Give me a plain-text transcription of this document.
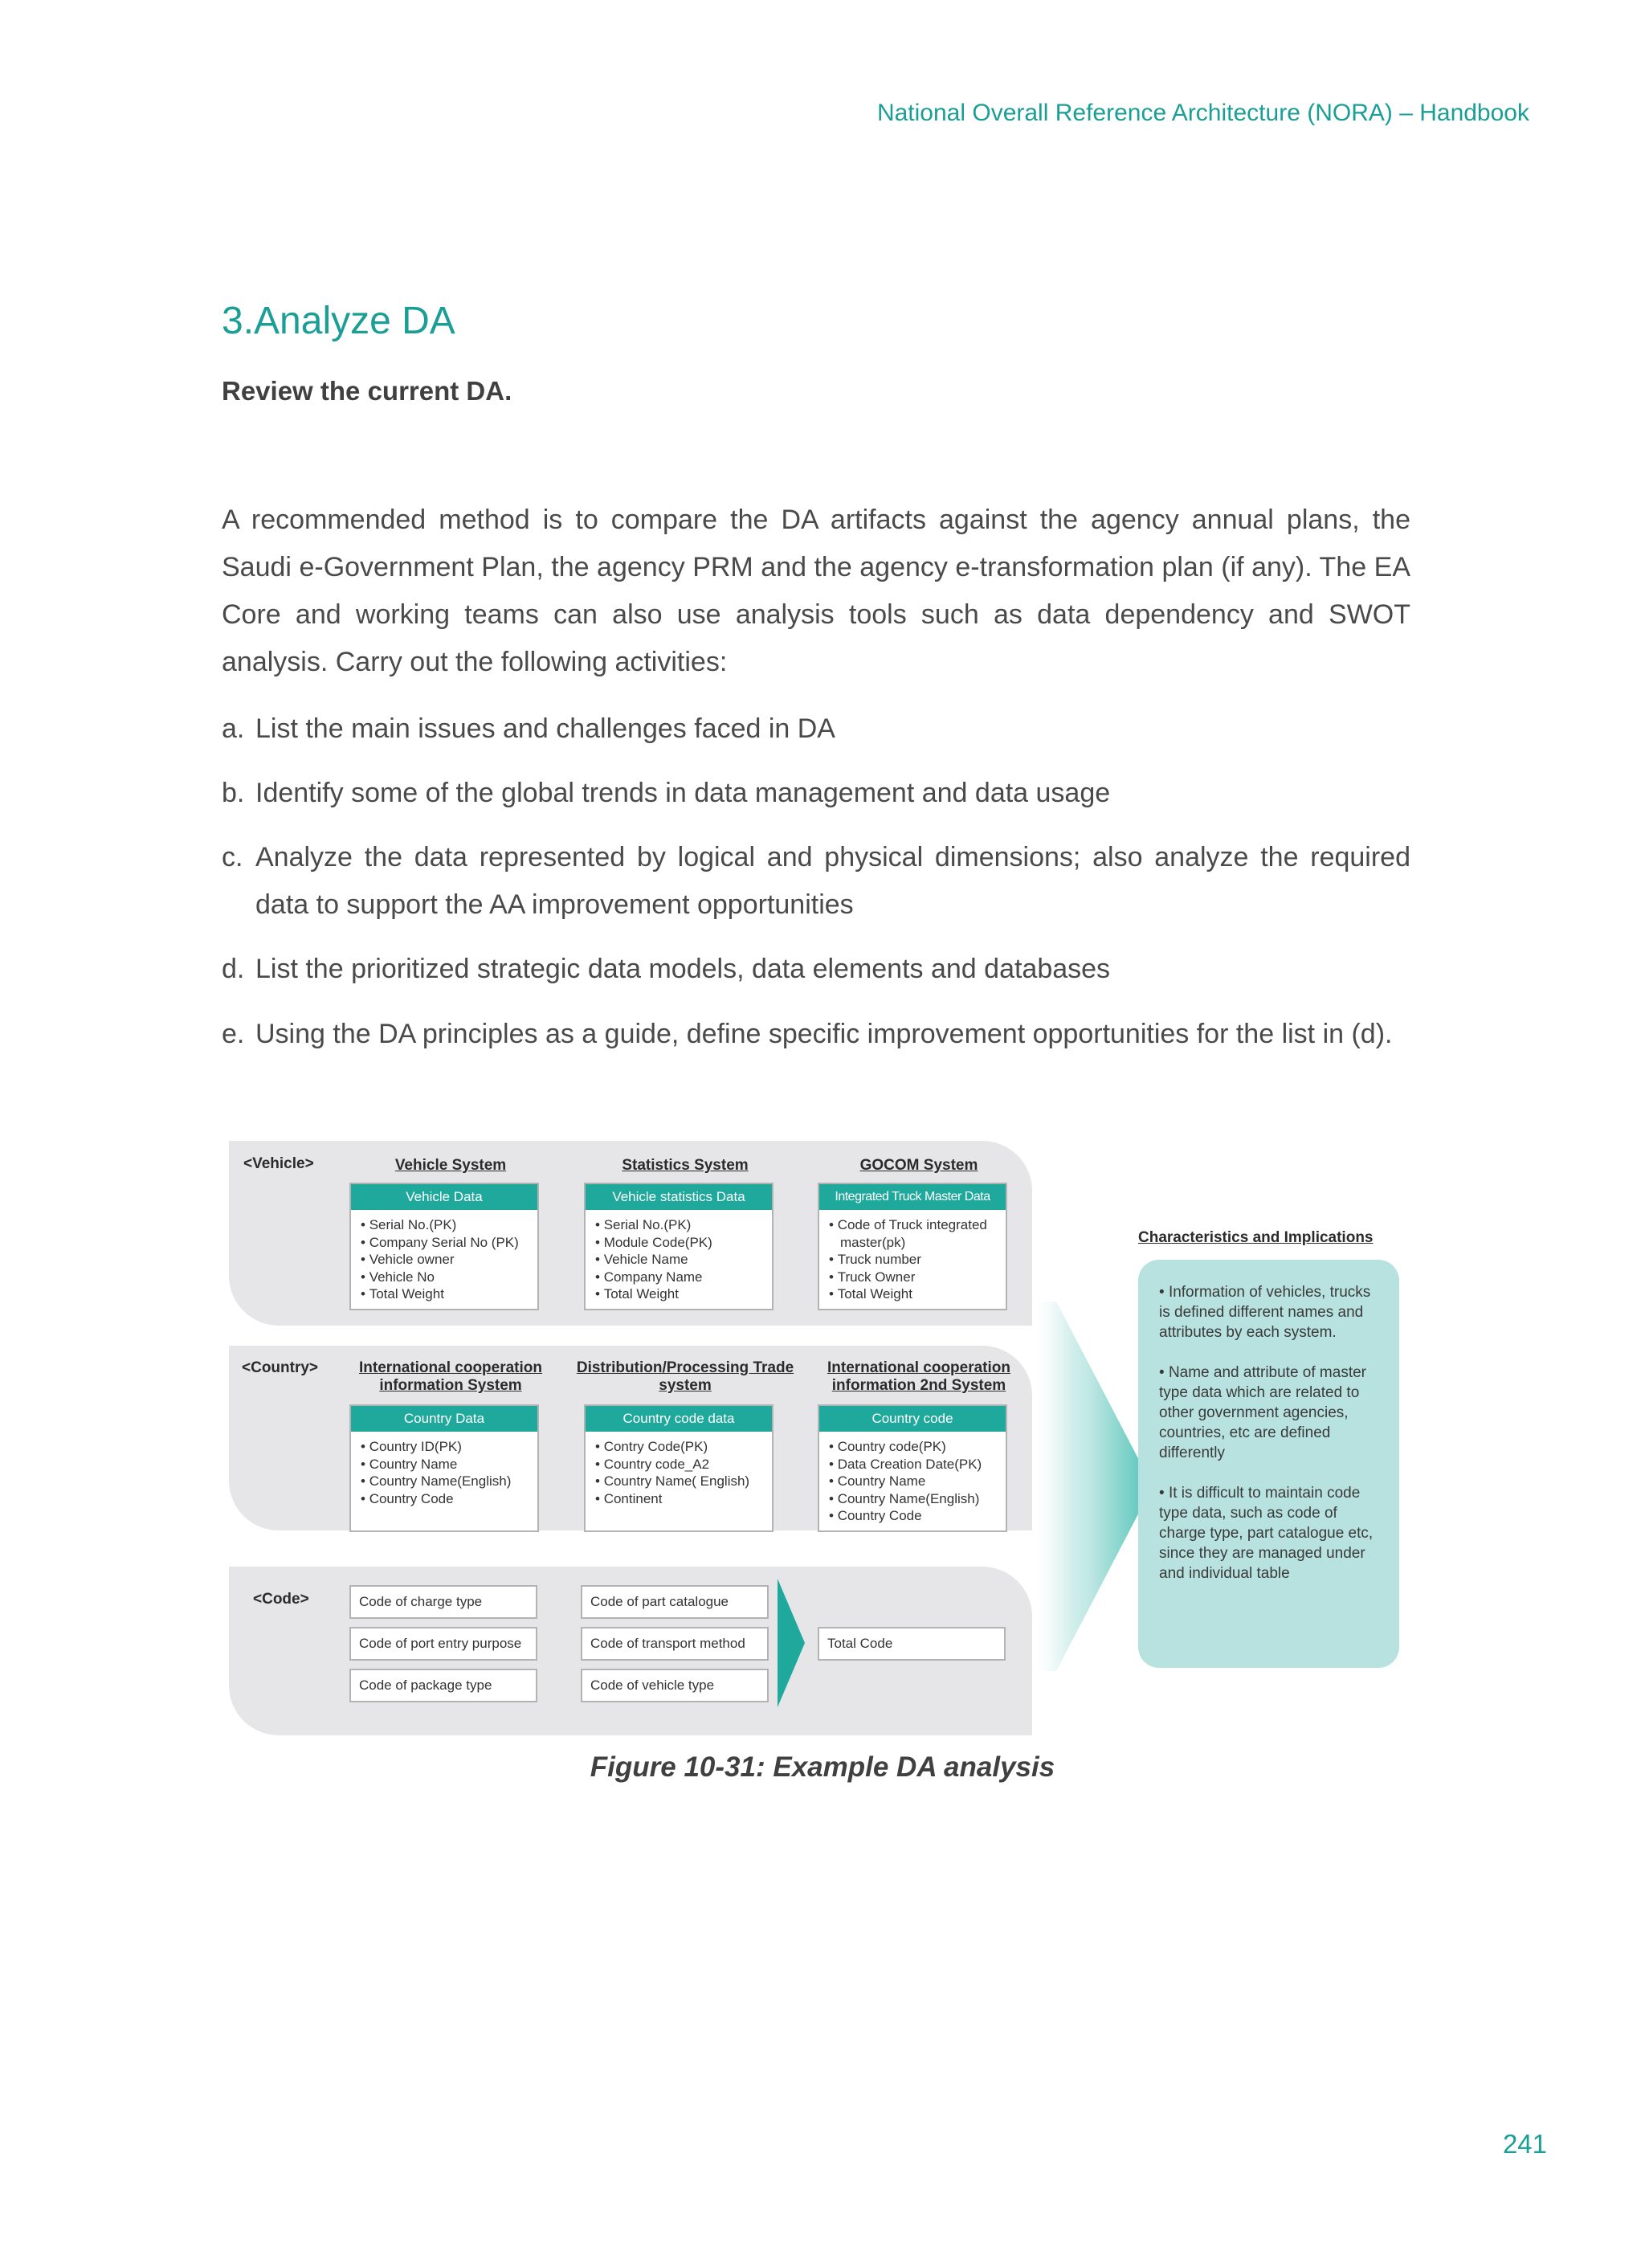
National Overall Reference Architecture (NORA) – Handbook
3.Analyze DA
Review the current DA.
A recommended method is to compare the DA artifacts against the agency annual plans, the Saudi e-Government Plan, the agency PRM and the agency e-transformation plan (if any). The EA Core and working teams can also use analysis tools such as data dependency and SWOT analysis. Carry out the following activities:
a. List the main issues and challenges faced in DA
b. Identify some of the global trends in data management and data usage
c. Analyze the data represented by logical and physical dimensions; also analyze the required data to support the AA improvement opportunities
d. List the prioritized strategic data models, data elements and databases
e. Using the DA principles as a guide, define specific improvement opportunities for the list in (d).
<Vehicle>
<Country>
<Code>
Vehicle System
Vehicle Data
• Serial No.(PK)
• Company Serial No (PK)
• Vehicle owner
• Vehicle No
• Total Weight
Statistics System
Vehicle statistics Data
• Serial No.(PK)
• Module Code(PK)
• Vehicle Name
• Company Name
• Total Weight
GOCOM System
Integrated Truck Master Data
• Code of Truck integrated master(pk)
• Truck number
• Truck Owner
• Total Weight
International cooperation information System
Country Data
• Country ID(PK)
• Country Name
• Country Name(English)
• Country Code
Distribution/Processing Trade system
Country code data
• Contry Code(PK)
• Country code_A2
• Country Name( English)
• Continent
International cooperation information 2nd System
Country code
• Country code(PK)
• Data Creation Date(PK)
• Country Name
• Country Name(English)
• Country Code
Code of charge type
Code of port entry purpose
Code of package type
Code of part catalogue
Code of transport method
Code of vehicle type
Total Code
Characteristics and Implications
• Information of vehicles, trucks is defined different names and attributes by each system.
• Name and attribute of master type data which are related to other government agencies, countries, etc are defined differently
• It is difficult to maintain code type data, such as code of charge type, part catalogue etc, since they are managed under and individual table
Figure 10-31: Example DA analysis
241
